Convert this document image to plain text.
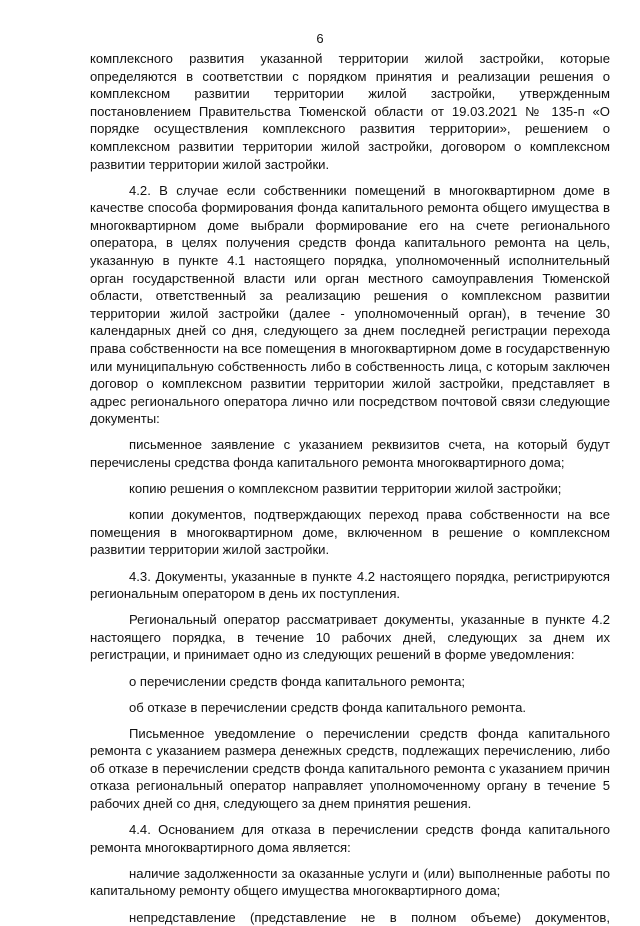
6

комплексного развития указанной территории жилой застройки, которые определяются в соответствии с порядком принятия и реализации решения о комплексном развитии территории жилой застройки, утвержденным постановлением Правительства Тюменской области от 19.03.2021 № 135-п «О порядке осуществления комплексного развития территории», решением о комплексном развитии территории жилой застройки, договором о комплексном развитии территории жилой застройки.

4.2. В случае если собственники помещений в многоквартирном доме в качестве способа формирования фонда капитального ремонта общего имущества в многоквартирном доме выбрали формирование его на счете регионального оператора, в целях получения средств фонда капитального ремонта на цель, указанную в пункте 4.1 настоящего порядка, уполномоченный исполнительный орган государственной власти или орган местного самоуправления Тюменской области, ответственный за реализацию решения о комплексном развитии территории жилой застройки (далее - уполномоченный орган), в течение 30 календарных дней со дня, следующего за днем последней регистрации перехода права собственности на все помещения в многоквартирном доме в государственную или муниципальную собственность либо в собственность лица, с которым заключен договор о комплексном развитии территории жилой застройки, представляет в адрес регионального оператора лично или посредством почтовой связи следующие документы:

письменное заявление с указанием реквизитов счета, на который будут перечислены средства фонда капитального ремонта многоквартирного дома;

копию решения о комплексном развитии территории жилой застройки;

копии документов, подтверждающих переход права собственности на все помещения в многоквартирном доме, включенном в решение о комплексном развитии территории жилой застройки.

4.3. Документы, указанные в пункте 4.2 настоящего порядка, регистрируются региональным оператором в день их поступления.

Региональный оператор рассматривает документы, указанные в пункте 4.2 настоящего порядка, в течение 10 рабочих дней, следующих за днем их регистрации, и принимает одно из следующих решений в форме уведомления:

о перечислении средств фонда капитального ремонта;

об отказе в перечислении средств фонда капитального ремонта.

Письменное уведомление о перечислении средств фонда капитального ремонта с указанием размера денежных средств, подлежащих перечислению, либо об отказе в перечислении средств фонда капитального ремонта с указанием причин отказа региональный оператор направляет уполномоченному органу в течение 5 рабочих дней со дня, следующего за днем принятия решения.

4.4. Основанием для отказа в перечислении средств фонда капитального ремонта многоквартирного дома является:

наличие задолженности за оказанные услуги и (или) выполненные работы по капитальному ремонту общего имущества многоквартирного дома;

непредставление (представление не в полном объеме) документов,
